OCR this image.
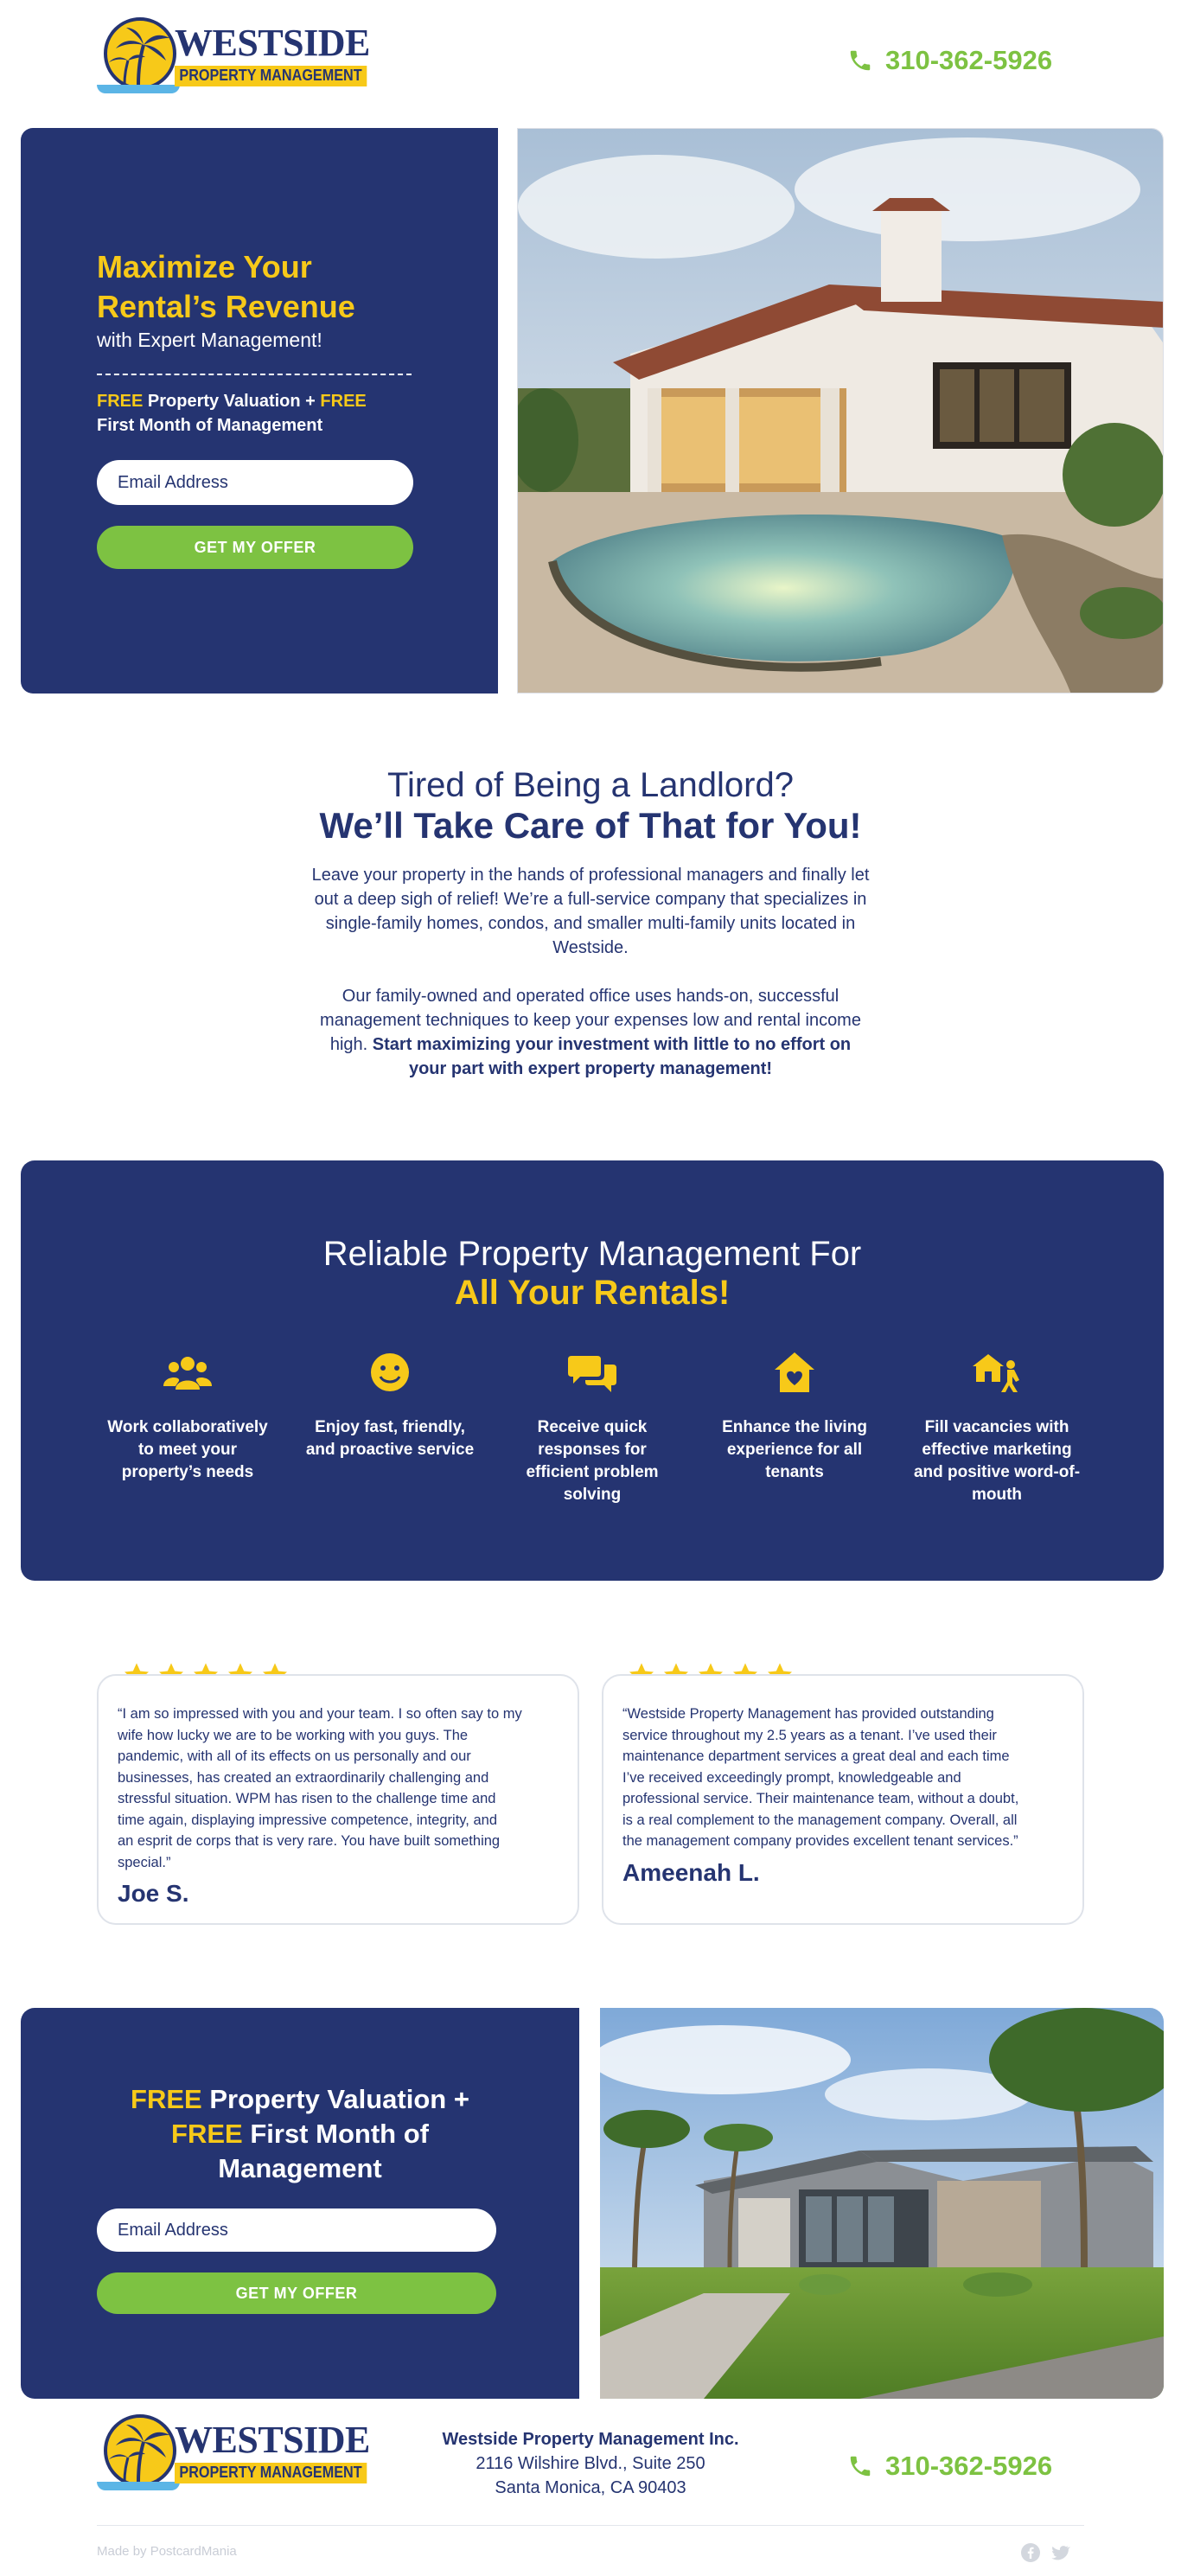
WESTSIDE
PROPERTY MANAGEMENT
310-362-5926
Maximize Your
Rental’s Revenue
with Expert Management!
FREE Property Valuation + FREE
First Month of Management
Email Address
GET MY OFFER
Tired of Being a Landlord?
We’ll Take Care of That for You!
Leave your property in the hands of professional managers and finally let
out a deep sigh of relief! We’re a full-service company that specializes in
single-family homes, condos, and smaller multi-family units located in
Westside.
Our family-owned and operated office uses hands-on, successful
management techniques to keep your expenses low and rental income
high. Start maximizing your investment with little to no effort on
your part with expert property management!
Reliable Property Management For
All Your Rentals!
Work collaboratively
to meet your
property’s needs
Enjoy fast, friendly,
and proactive service
Receive quick
responses for
efficient problem
solving
Enhance the living
experience for all
tenants
Fill vacancies with
effective marketing
and positive word-of-
mouth
“I am so impressed with you and your team. I so often say to my
wife how lucky we are to be working with you guys. The
pandemic, with all of its effects on us personally and our
businesses, has created an extraordinarily challenging and
stressful situation. WPM has risen to the challenge time and
time again, displaying impressive competence, integrity, and
an esprit de corps that is very rare. You have built something
special.”
Joe S.
“Westside Property Management has provided outstanding
service throughout my 2.5 years as a tenant. I’ve used their
maintenance department services a great deal and each time
I’ve received exceedingly prompt, knowledgeable and
professional service. Their maintenance team, without a doubt,
is a real complement to the management company. Overall, all
the management company provides excellent tenant services.”
Ameenah L.
FREE Property Valuation +
FREE First Month of
Management
Email Address
GET MY OFFER
WESTSIDE
PROPERTY MANAGEMENT
Westside Property Management Inc.
2116 Wilshire Blvd., Suite 250
Santa Monica, CA 90403
310-362-5926
Made by PostcardMania
